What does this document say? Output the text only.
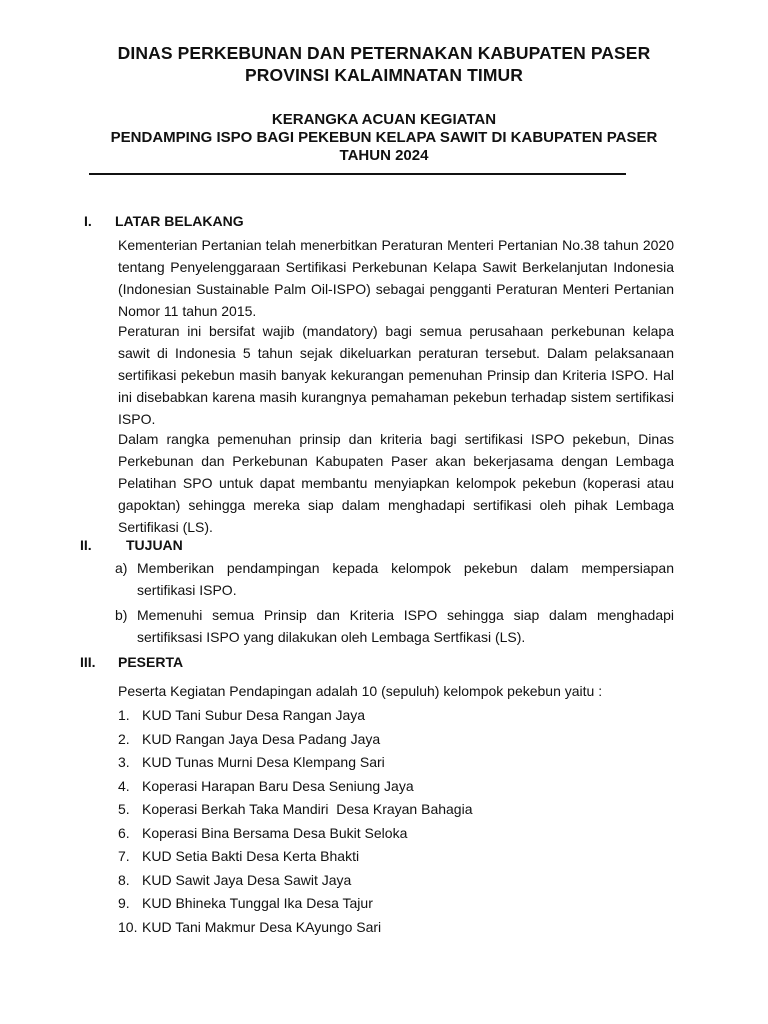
DINAS PERKEBUNAN DAN PETERNAKAN KABUPATEN PASER
PROVINSI KALAIMNATAN TIMUR
KERANGKA ACUAN KEGIATAN
PENDAMPING ISPO BAGI PEKEBUN KELAPA SAWIT DI KABUPATEN PASER
TAHUN 2024
I. LATAR BELAKANG

Kementerian Pertanian telah menerbitkan Peraturan Menteri Pertanian No.38 tahun 2020 tentang Penyelenggaraan Sertifikasi Perkebunan Kelapa Sawit Berkelanjutan Indonesia (Indonesian Sustainable Palm Oil-ISPO) sebagai pengganti Peraturan Menteri Pertanian Nomor 11 tahun 2015.

Peraturan ini bersifat wajib (mandatory) bagi semua perusahaan perkebunan kelapa sawit di Indonesia 5 tahun sejak dikeluarkan peraturan tersebut. Dalam pelaksanaan sertifikasi pekebun masih banyak kekurangan pemenuhan Prinsip dan Kriteria ISPO. Hal ini disebabkan karena masih kurangnya pemahaman pekebun terhadap sistem sertifikasi ISPO.

Dalam rangka pemenuhan prinsip dan kriteria bagi sertifikasi ISPO pekebun, Dinas Perkebunan dan Perkebunan Kabupaten Paser akan bekerjasama dengan Lembaga Pelatihan SPO untuk dapat membantu menyiapkan kelompok pekebun (koperasi atau gapoktan) sehingga mereka siap dalam menghadapi sertifikasi oleh pihak Lembaga Sertifikasi (LS).

II. TUJUAN
a) Memberikan pendampingan kepada kelompok pekebun dalam mempersiapan sertifikasi ISPO.
b) Memenuhi semua Prinsip dan Kriteria ISPO sehingga siap dalam menghadapi sertifiksasi ISPO yang dilakukan oleh Lembaga Sertfikasi (LS).
III. PESERTA

Peserta Kegiatan Pendapingan adalah 10 (sepuluh) kelompok pekebun yaitu :

1. KUD Tani Subur Desa Rangan Jaya
2. KUD Rangan Jaya Desa Padang Jaya
3. KUD Tunas Murni Desa Klempang Sari
4. Koperasi Harapan Baru Desa Seniung Jaya
5. Koperasi Berkah Taka Mandiri  Desa Krayan Bahagia
6. Koperasi Bina Bersama Desa Bukit Seloka
7. KUD Setia Bakti Desa Kerta Bhakti
8. KUD Sawit Jaya Desa Sawit Jaya
9. KUD Bhineka Tunggal Ika Desa Tajur
10. KUD Tani Makmur Desa KAyungo Sari
